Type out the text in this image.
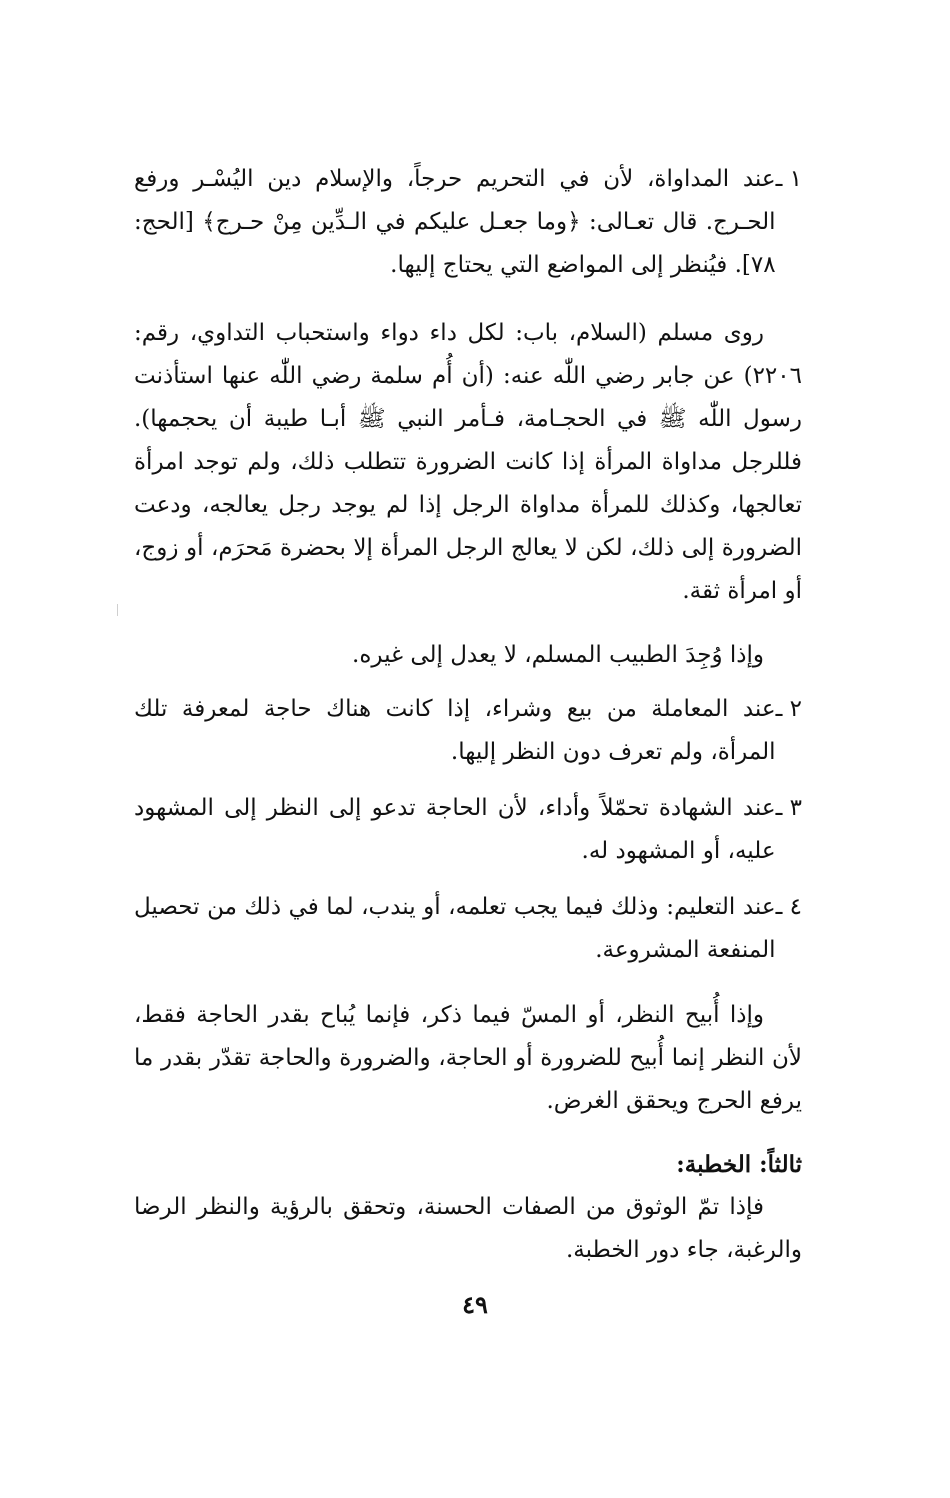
١ ـ
عند المداواة، لأن في التحريم حرجاً، والإسلام دين اليُسْـر ورفع الحـرج. قال تعـالى: ﴿وما جعـل عليكم في الـدِّين مِنْ حـرج﴾ [الحج: ٧٨]. فيُنظر إلى المواضع التي يحتاج إليها.
روى مسلم (السلام، باب: لكل داء دواء واستحباب التداوي، رقم: ٢٢٠٦) عن جابر رضي اللّٰه عنه: (أن أُم سلمة رضي اللّٰه عنها استأذنت رسول اللّٰه ﷺ في الحجـامة، فـأمر النبي ﷺ أبـا طيبة أن يحجمها). فللرجل مداواة المرأة إذا كانت الضرورة تتطلب ذلك، ولم توجد امرأة تعالجها، وكذلك للمرأة مداواة الرجل إذا لم يوجد رجل يعالجه، ودعت الضرورة إلى ذلك، لكن لا يعالج الرجل المرأة إلا بحضرة مَحرَم، أو زوج، أو امرأة ثقة.
وإذا وُجِدَ الطبيب المسلم، لا يعدل إلى غيره.
٢ ـ
عند المعاملة من بيع وشراء، إذا كانت هناك حاجة لمعرفة تلك المرأة، ولم تعرف دون النظر إليها.
٣ ـ
عند الشهادة تحمّلاً وأداء، لأن الحاجة تدعو إلى النظر إلى المشهود عليه، أو المشهود له.
٤ ـ
عند التعليم: وذلك فيما يجب تعلمه، أو يندب، لما في ذلك من تحصيل المنفعة المشروعة.
وإذا أُبيح النظر، أو المسّ فيما ذكر، فإنما يُباح بقدر الحاجة فقط، لأن النظر إنما أُبيح للضرورة أو الحاجة، والضرورة والحاجة تقدّر بقدر ما يرفع الحرج ويحقق الغرض.
ثالثاً: الخطبة:
فإذا تمّ الوثوق من الصفات الحسنة، وتحقق بالرؤية والنظر الرضا والرغبة، جاء دور الخطبة.
٤٩
